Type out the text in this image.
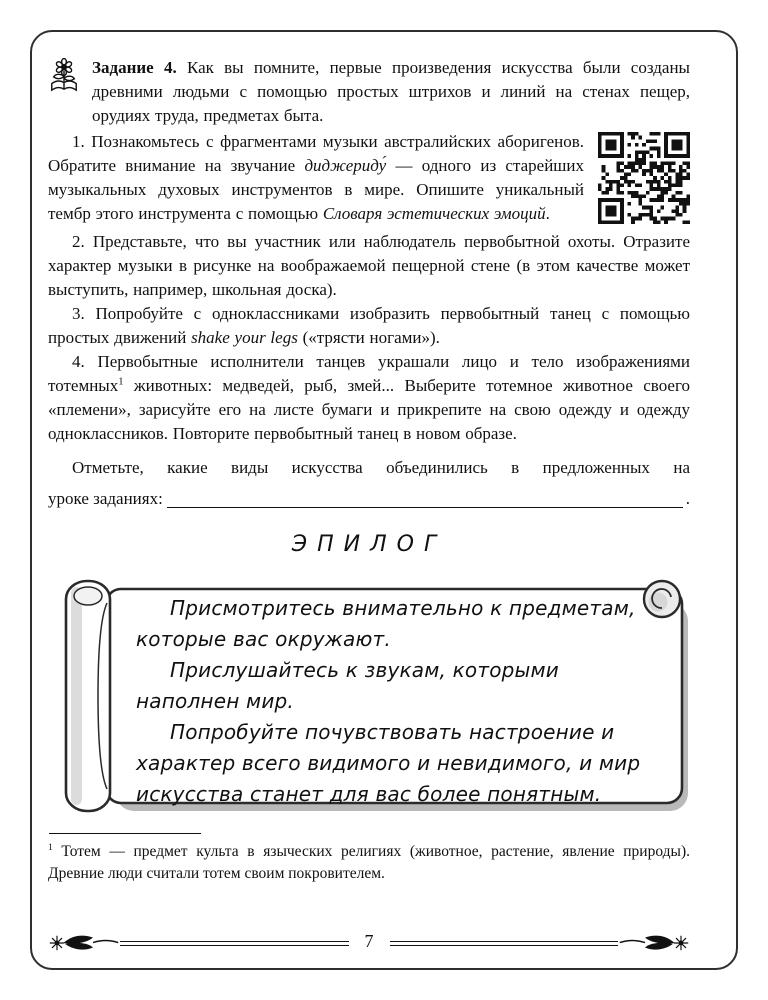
Задание 4. Как вы помните, первые произведения искусства были созданы древними людьми с помощью простых штрихов и линий на стенах пещер, орудиях труда, предметах быта.

1. Познакомьтесь с фрагментами музыки австралийских аборигенов. Обратите внимание на звучание диджериду́ — одного из старейших музыкальных духовых инструментов в мире. Опишите уникальный тембр этого инструмента с помощью Словаря эстетических эмоций.

2. Представьте, что вы участник или наблюдатель первобытной охоты. Отразите характер музыки в рисунке на воображаемой пещерной стене (в этом качестве может выступить, например, школьная доска).

3. Попробуйте с одноклассниками изобразить первобытный танец с помощью простых движений shake your legs («трясти ногами»).

4. Первобытные исполнители танцев украшали лицо и тело изображениями тотемных$^1$ животных: медведей, рыб, змей... Выберите тотемное животное своего «племени», зарисуйте его на листе бумаги и прикрепите на свою одежду и одежду одноклассников. Повторите первобытный танец в новом образе.

Отметьте, какие виды искусства объединились в предложенных на

уроке заданиях:	.
ЭПИЛОГ

Присмотритесь внимательно к предметам, которые вас окружают.

Прислушайтесь к звукам, которыми наполнен мир.

Попробуйте почувствовать настроение и характер всего видимого и невидимого, и мир искусства станет для вас более понятным.

$^1$ Тотем — предмет культа в языческих религиях (животное, растение, явление природы). Древние люди считали тотем своим покровителем.

7
